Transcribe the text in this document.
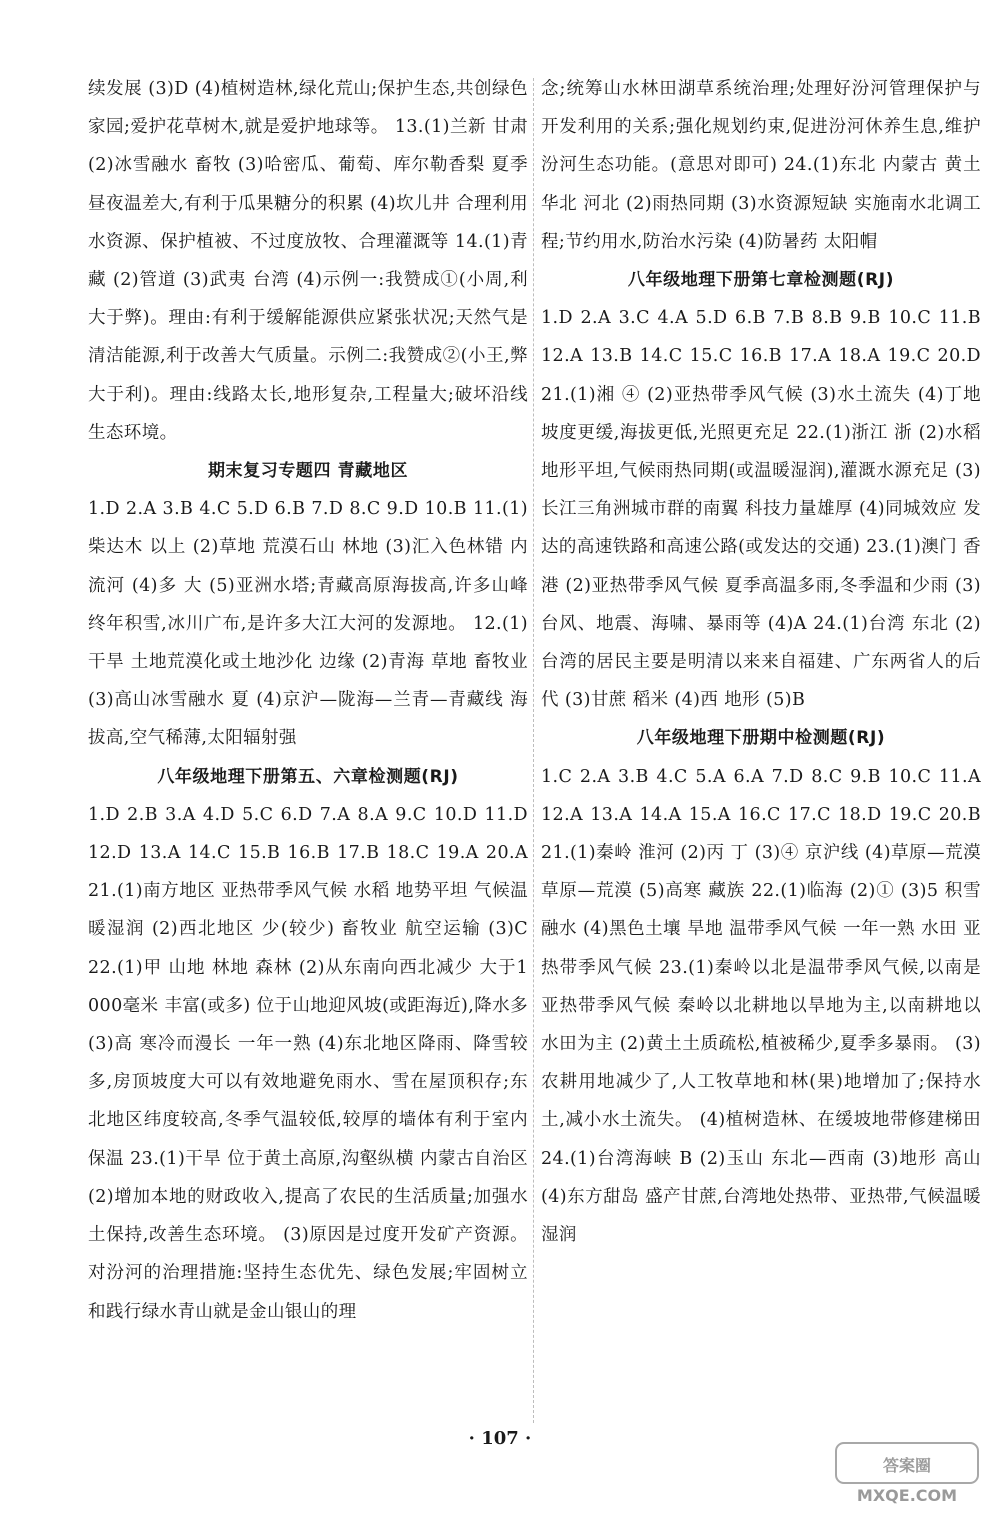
续发展 (3)D (4)植树造林,绿化荒山;保护生态,共创绿色家园;爱护花草树木,就是爱护地球等。 13.(1)兰新 甘肃 (2)冰雪融水 畜牧 (3)哈密瓜、葡萄、库尔勒香梨 夏季昼夜温差大,有利于瓜果糖分的积累 (4)坎儿井 合理利用水资源、保护植被、不过度放牧、合理灌溉等 14.(1)青藏 (2)管道 (3)武夷 台湾 (4)示例一:我赞成①(小周,利大于弊)。理由:有利于缓解能源供应紧张状况;天然气是清洁能源,利于改善大气质量。示例二:我赞成②(小王,弊大于利)。理由:线路太长,地形复杂,工程量大;破坏沿线生态环境。

期末复习专题四 青藏地区

1.D 2.A 3.B 4.C 5.D 6.B 7.D 8.C 9.D 10.B 11.(1)柴达木 以上 (2)草地 荒漠石山 林地 (3)汇入色林错 内流河 (4)多 大 (5)亚洲水塔;青藏高原海拔高,许多山峰终年积雪,冰川广布,是许多大江大河的发源地。 12.(1)干旱 土地荒漠化或土地沙化 边缘 (2)青海 草地 畜牧业 (3)高山冰雪融水 夏 (4)京沪—陇海—兰青—青藏线 海拔高,空气稀薄,太阳辐射强

八年级地理下册第五、六章检测题(RJ)

1.D 2.B 3.A 4.D 5.C 6.D 7.A 8.A 9.C 10.D 11.D 12.D 13.A 14.C 15.B 16.B 17.B 18.C 19.A 20.A 21.(1)南方地区 亚热带季风气候 水稻 地势平坦 气候温暖湿润 (2)西北地区 少(较少) 畜牧业 航空运输 (3)C 22.(1)甲 山地 林地 森林 (2)从东南向西北减少 大于1 000毫米 丰富(或多) 位于山地迎风坡(或距海近),降水多 (3)高 寒冷而漫长 一年一熟 (4)东北地区降雨、降雪较多,房顶坡度大可以有效地避免雨水、雪在屋顶积存;东北地区纬度较高,冬季气温较低,较厚的墙体有利于室内保温 23.(1)干旱 位于黄土高原,沟壑纵横 内蒙古自治区 (2)增加本地的财政收入,提高了农民的生活质量;加强水土保持,改善生态环境。 (3)原因是过度开发矿产资源。对汾河的治理措施:坚持生态优先、绿色发展;牢固树立和践行绿水青山就是金山银山的理

念;统筹山水林田湖草系统治理;处理好汾河管理保护与开发利用的关系;强化规划约束,促进汾河休养生息,维护汾河生态功能。(意思对即可) 24.(1)东北 内蒙古 黄土 华北 河北 (2)雨热同期 (3)水资源短缺 实施南水北调工程;节约用水,防治水污染 (4)防暑药 太阳帽

八年级地理下册第七章检测题(RJ)

1.D 2.A 3.C 4.A 5.D 6.B 7.B 8.B 9.B 10.C 11.B 12.A 13.B 14.C 15.C 16.B 17.A 18.A 19.C 20.D 21.(1)湘 ④ (2)亚热带季风气候 (3)水土流失 (4)丁地 坡度更缓,海拔更低,光照更充足 22.(1)浙江 浙 (2)水稻 地形平坦,气候雨热同期(或温暖湿润),灌溉水源充足 (3)长江三角洲城市群的南翼 科技力量雄厚 (4)同城效应 发达的高速铁路和高速公路(或发达的交通) 23.(1)澳门 香港 (2)亚热带季风气候 夏季高温多雨,冬季温和少雨 (3)台风、地震、海啸、暴雨等 (4)A 24.(1)台湾 东北 (2)台湾的居民主要是明清以来来自福建、广东两省人的后代 (3)甘蔗 稻米 (4)西 地形 (5)B

八年级地理下册期中检测题(RJ)

1.C 2.A 3.B 4.C 5.A 6.A 7.D 8.C 9.B 10.C 11.A 12.A 13.A 14.A 15.A 16.C 17.C 18.D 19.C 20.B 21.(1)秦岭 淮河 (2)丙 丁 (3)④ 京沪线 (4)草原—荒漠草原—荒漠 (5)高寒 藏族 22.(1)临海 (2)① (3)5 积雪融水 (4)黑色土壤 旱地 温带季风气候 一年一熟 水田 亚热带季风气候 23.(1)秦岭以北是温带季风气候,以南是亚热带季风气候 秦岭以北耕地以旱地为主,以南耕地以水田为主 (2)黄土土质疏松,植被稀少,夏季多暴雨。 (3)农耕用地减少了,人工牧草地和林(果)地增加了;保持水土,减小水土流失。 (4)植树造林、在缓坡地带修建梯田 24.(1)台湾海峡 B (2)玉山 东北—西南 (3)地形 高山 (4)东方甜岛 盛产甘蔗,台湾地处热带、亚热带,气候温暖湿润

· 107 ·
答案圈
MXQE.COM
